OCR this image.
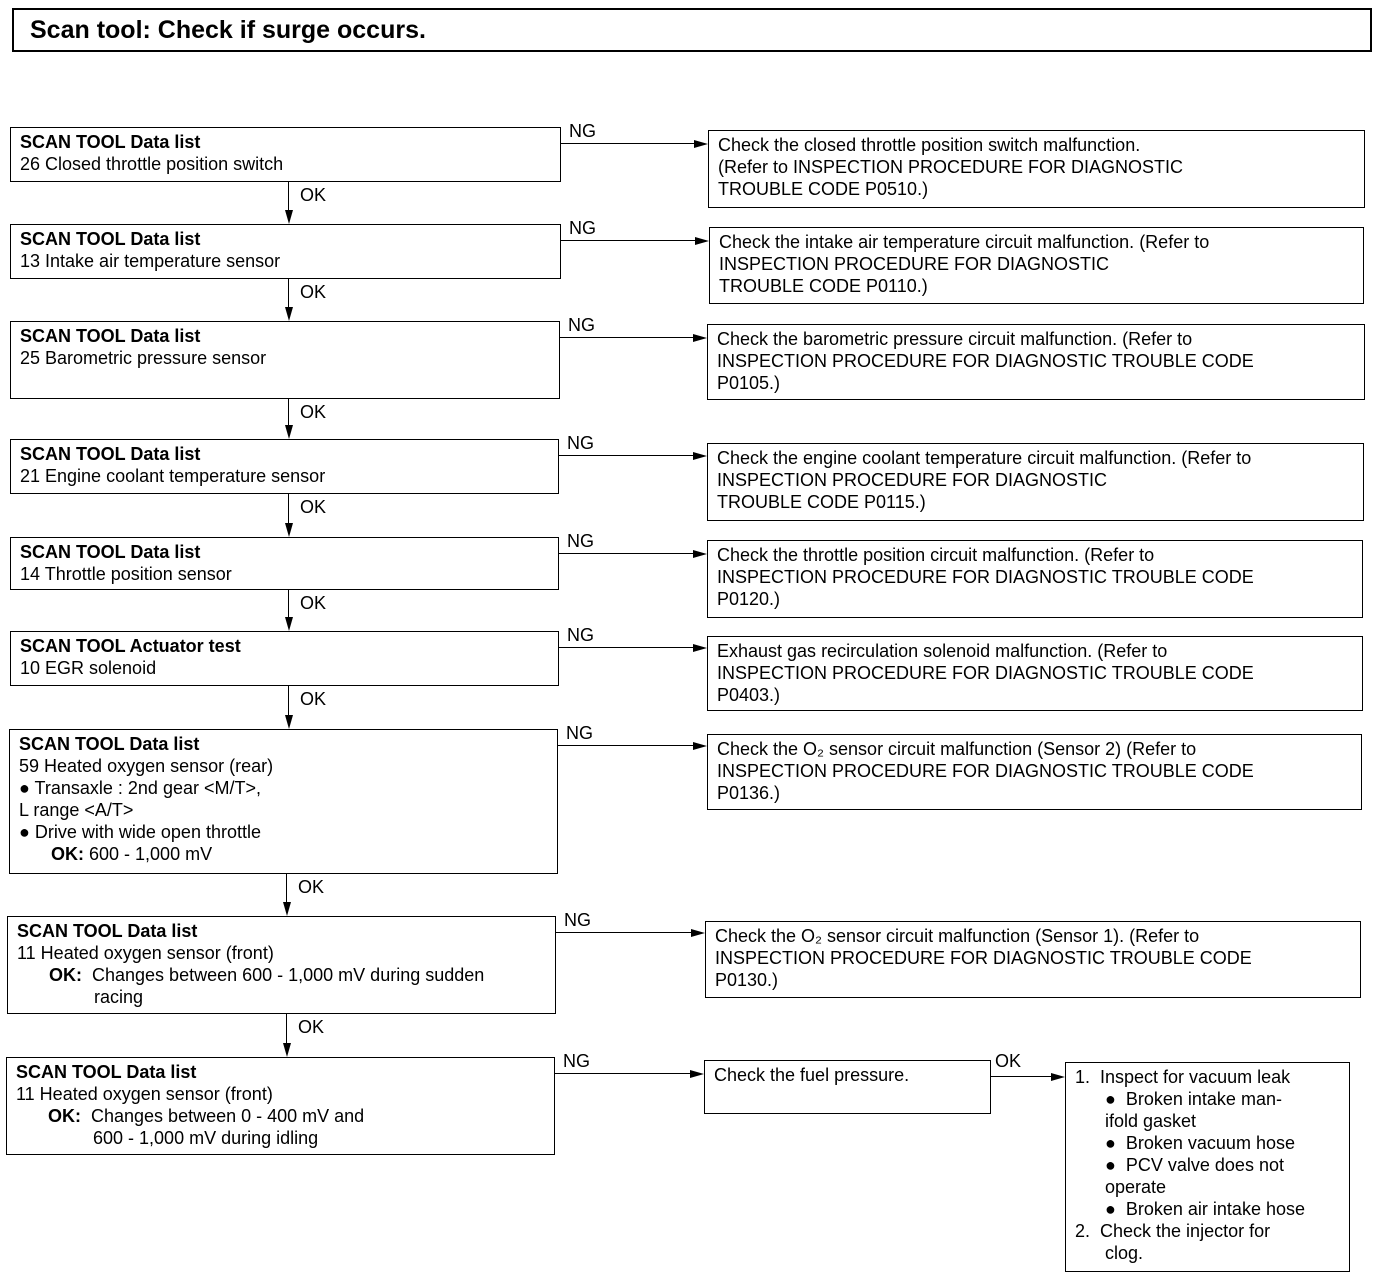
Scan tool: Check if surge occurs.
SCAN TOOL Data list
26 Closed throttle position switch
Check the closed throttle position switch malfunction.
(Refer to INSPECTION PROCEDURE FOR DIAGNOSTIC
TROUBLE CODE P0510.)
NG
OK
SCAN TOOL Data list
13 Intake air temperature sensor
Check the intake air temperature circuit malfunction. (Refer to
INSPECTION PROCEDURE FOR DIAGNOSTIC
TROUBLE CODE P0110.)
NG
OK
SCAN TOOL Data list
25 Barometric pressure sensor
Check the barometric pressure circuit malfunction. (Refer to
INSPECTION PROCEDURE FOR DIAGNOSTIC TROUBLE CODE
P0105.)
NG
OK
SCAN TOOL Data list
21 Engine coolant temperature sensor
Check the engine coolant temperature circuit malfunction. (Refer to
INSPECTION PROCEDURE FOR DIAGNOSTIC
TROUBLE CODE P0115.)
NG
OK
SCAN TOOL Data list
14 Throttle position sensor
Check the throttle position circuit malfunction. (Refer to
INSPECTION PROCEDURE FOR DIAGNOSTIC TROUBLE CODE
P0120.)
NG
OK
SCAN TOOL Actuator test
10 EGR solenoid
Exhaust gas recirculation solenoid malfunction. (Refer to
INSPECTION PROCEDURE FOR DIAGNOSTIC TROUBLE CODE
P0403.)
NG
OK
SCAN TOOL Data list
59 Heated oxygen sensor (rear)
● Transaxle : 2nd gear <M/T>,
L range <A/T>
● Drive with wide open throttle
OK: 600 - 1,000 mV
Check the O₂ sensor circuit malfunction (Sensor 2) (Refer to
INSPECTION PROCEDURE FOR DIAGNOSTIC TROUBLE CODE
P0136.)
NG
OK
SCAN TOOL Data list
11 Heated oxygen sensor (front)
OK:  Changes between 600 - 1,000 mV during sudden
racing
Check the O₂ sensor circuit malfunction (Sensor 1). (Refer to
INSPECTION PROCEDURE FOR DIAGNOSTIC TROUBLE CODE
P0130.)
NG
OK
SCAN TOOL Data list
11 Heated oxygen sensor (front)
OK:  Changes between 0 - 400 mV and
600 - 1,000 mV during idling
Check the fuel pressure.
NG	OK
1.  Inspect for vacuum leak
●  Broken intake man-
ifold gasket
●  Broken vacuum hose
●  PCV valve does not
operate
●  Broken air intake hose
2.  Check the injector for
clog.
